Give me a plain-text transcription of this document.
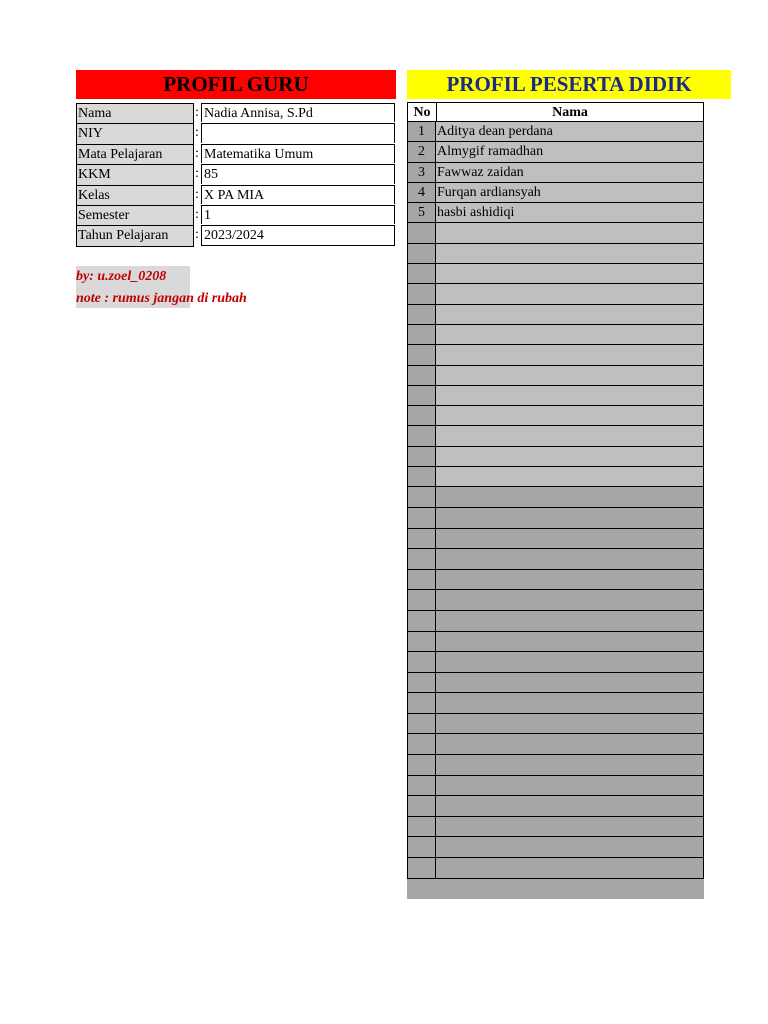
PROFIL GURU	PROFIL PESERTA DIDIK
Nama	: Nadia Annisa, S.Pd
NIY	:
Mata Pelajaran	: Matematika Umum
KKM	: 85
Kelas	: X PA MIA
Semester	: 1
Tahun Pelajaran	: 2023/2024
by: u.zoel_0208
note : rumus jangan di rubah
No	Nama
1 Aditya dean perdana
2 Almygif ramadhan
3 Fawwaz zaidan
4 Furqan ardiansyah
5 hasbi ashidiqi
